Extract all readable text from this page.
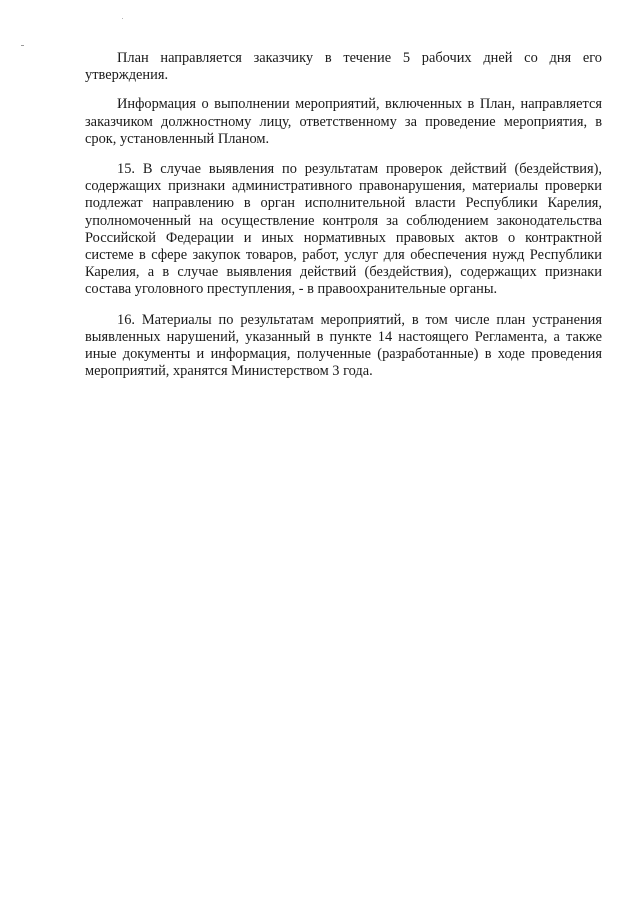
План направляется заказчику в течение 5 рабочих дней со дня его утверждения.

Информация о выполнении мероприятий, включенных в План, направляется заказчиком должностному лицу, ответственному за проведение мероприятия, в срок, установленный Планом.

15. В случае выявления по результатам проверок действий (бездействия), содержащих признаки административного правонарушения, материалы проверки подлежат направлению в орган исполнительной власти Республики Карелия, уполномоченный на осуществление контроля за соблюдением законодательства Российской Федерации и иных нормативных правовых актов о контрактной системе в сфере закупок товаров, работ, услуг для обеспечения нужд Республики Карелия, а в случае выявления действий (бездействия), содержащих признаки состава уголовного преступления, - в правоохранительные органы.

16. Материалы по результатам мероприятий, в том числе план устранения выявленных нарушений, указанный в пункте 14 настоящего Регламента, а также иные документы и информация, полученные (разработанные) в ходе проведения мероприятий, хранятся Министерством 3 года.
